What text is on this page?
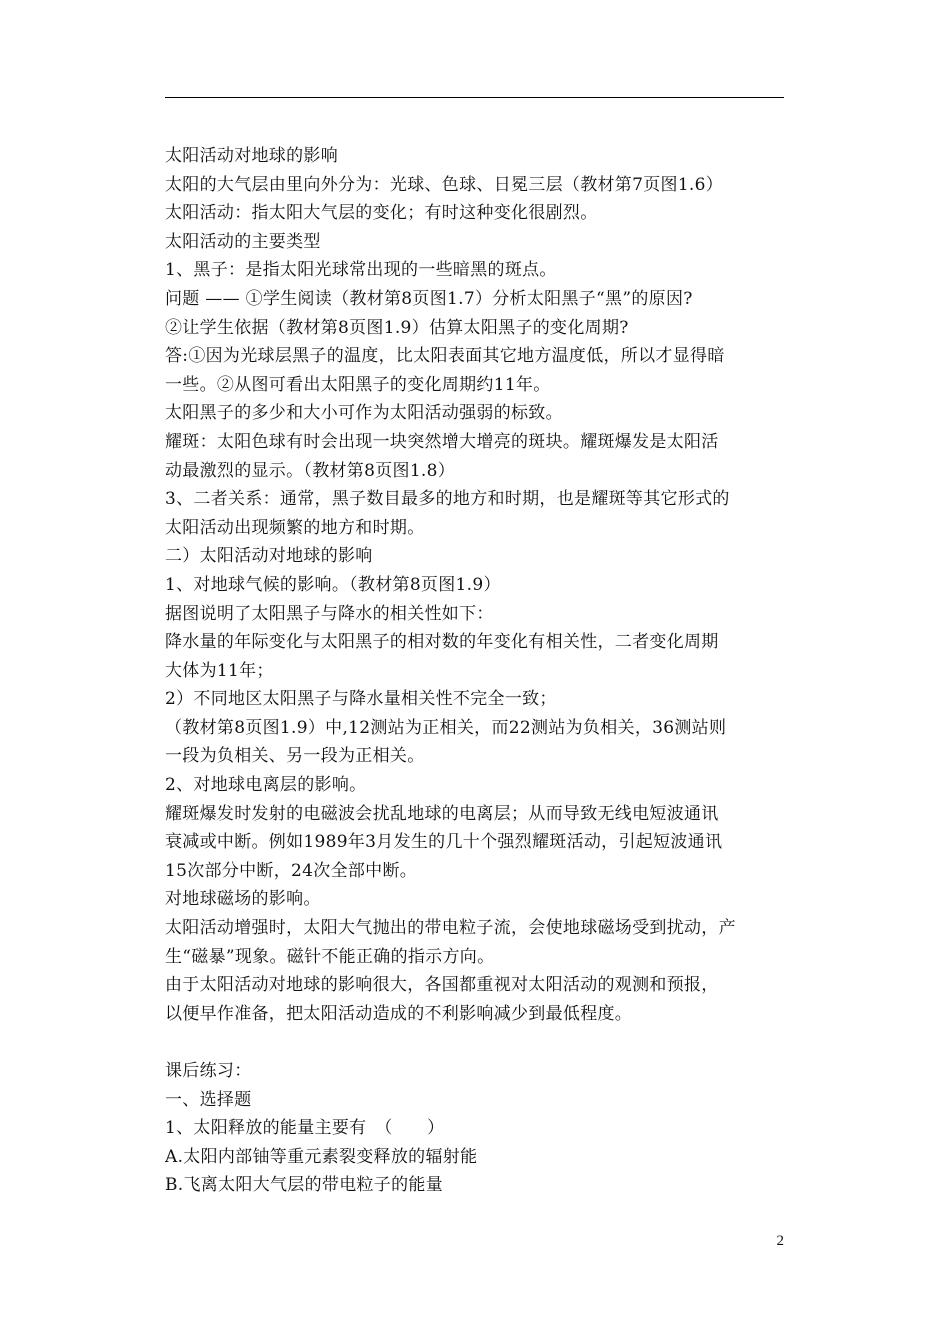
太阳活动对地球的影响
太阳的大气层由里向外分为：光球、色球、日冕三层（教材第7页图1.6）
太阳活动：指太阳大气层的变化；有时这种变化很剧烈。
太阳活动的主要类型
1、黑子：是指太阳光球常出现的一些暗黑的斑点。
问题 —— ①学生阅读（教材第8页图1.7）分析太阳黑子“黑”的原因?
②让学生依据（教材第8页图1.9）估算太阳黑子的变化周期?
答:①因为光球层黑子的温度，比太阳表面其它地方温度低，所以才显得暗
一些。②从图可看出太阳黑子的变化周期约11年。
太阳黑子的多少和大小可作为太阳活动强弱的标致。
耀斑：太阳色球有时会出现一块突然增大增亮的斑块。耀斑爆发是太阳活
动最激烈的显示。（教材第8页图1.8）
3、二者关系：通常，黑子数目最多的地方和时期，也是耀斑等其它形式的
太阳活动出现频繁的地方和时期。
二）太阳活动对地球的影响
1、对地球气候的影响。（教材第8页图1.9）
据图说明了太阳黑子与降水的相关性如下：
降水量的年际变化与太阳黑子的相对数的年变化有相关性，二者变化周期
大体为11年；
2）不同地区太阳黑子与降水量相关性不完全一致；
（教材第8页图1.9）中,12测站为正相关，而22测站为负相关，36测站则
一段为负相关、另一段为正相关。
2、对地球电离层的影响。
耀斑爆发时发射的电磁波会扰乱地球的电离层；从而导致无线电短波通讯
衰减或中断。例如1989年3月发生的几十个强烈耀斑活动，引起短波通讯
15次部分中断，24次全部中断。
对地球磁场的影响。
太阳活动增强时，太阳大气抛出的带电粒子流，会使地球磁场受到扰动，产
生“磁暴”现象。磁针不能正确的指示方向。
由于太阳活动对地球的影响很大，各国都重视对太阳活动的观测和预报，
以便早作准备，把太阳活动造成的不利影响减少到最低程度。
课后练习：
一、选择题
1、太阳释放的能量主要有　（　　）
A.太阳内部铀等重元素裂变释放的辐射能
B.飞离太阳大气层的带电粒子的能量
2
